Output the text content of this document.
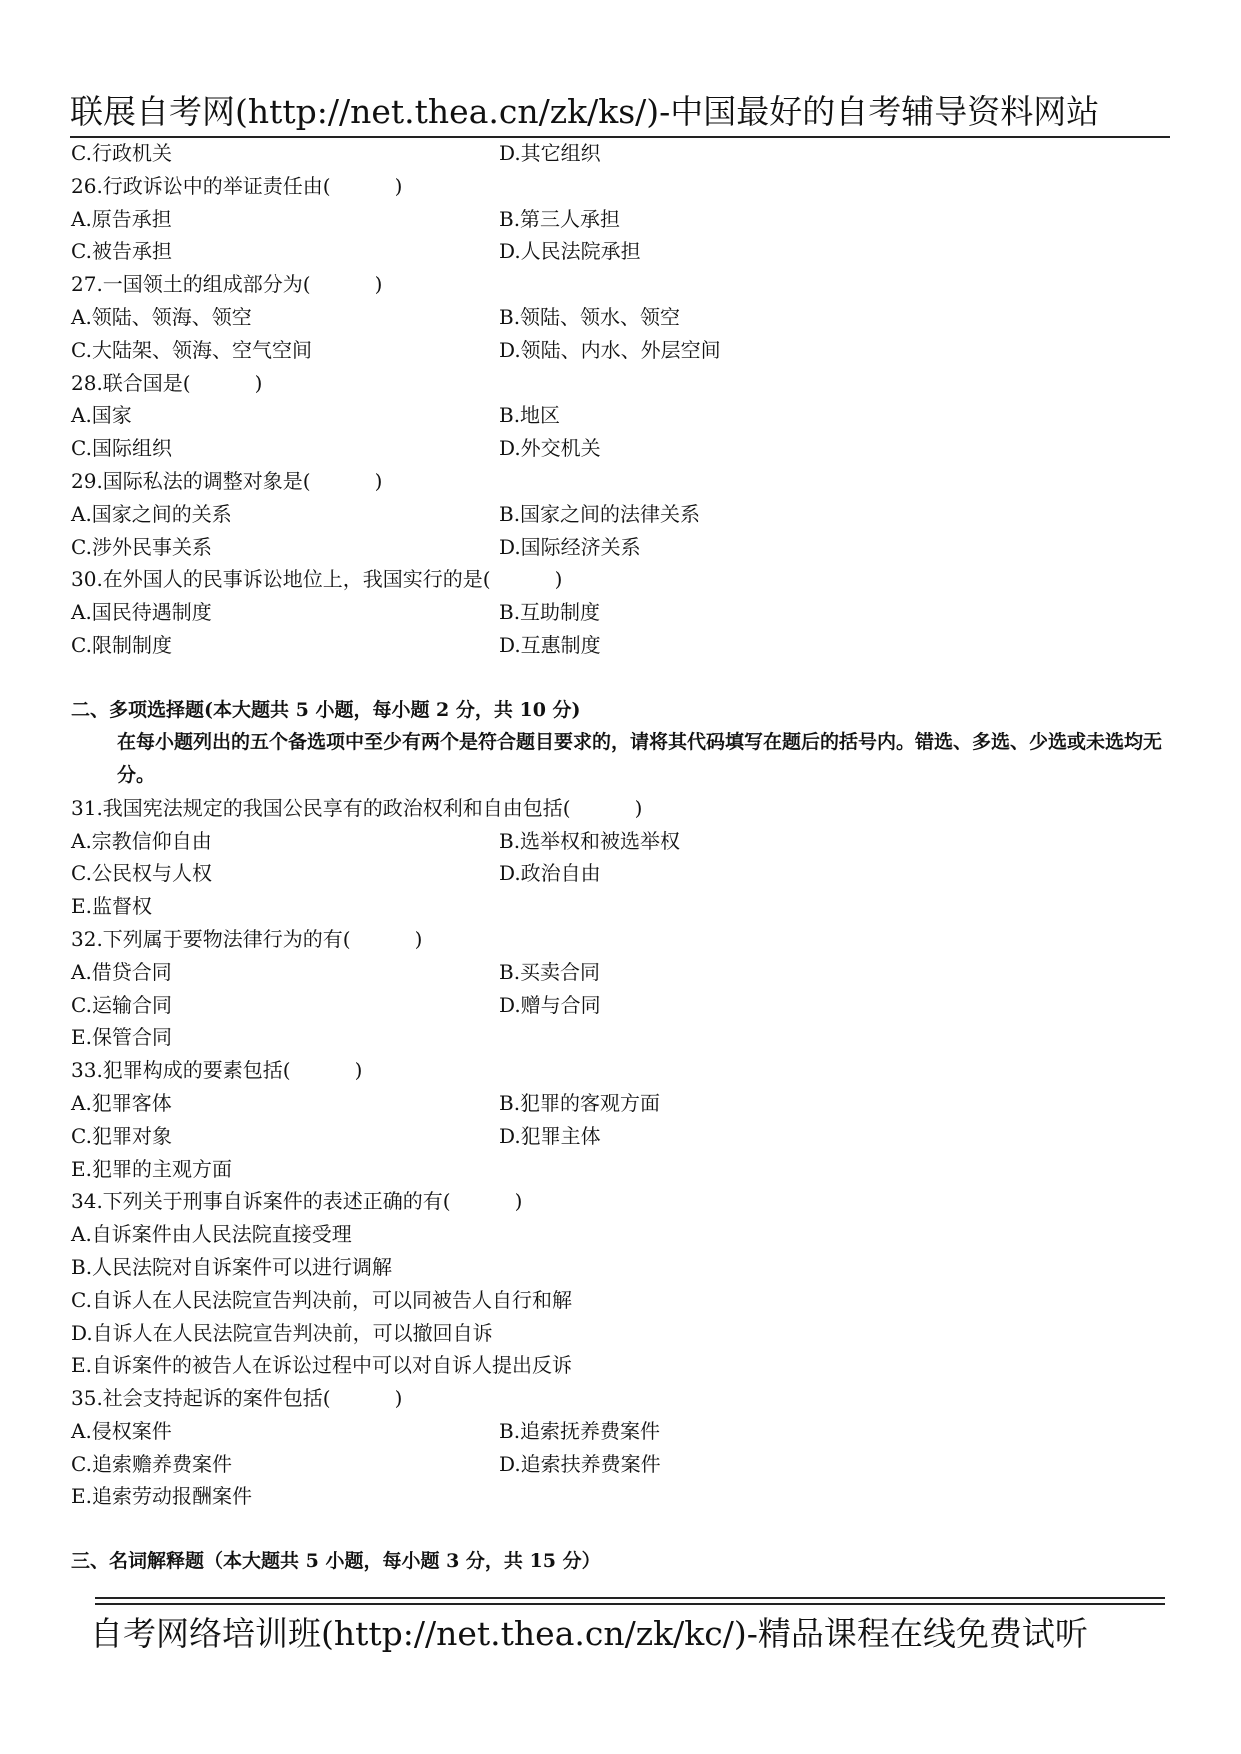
联展自考网(http://net.thea.cn/zk/ks/)-中国最好的自考辅导资料网站
C.行政机关	D.其它组织
26.行政诉讼中的举证责任由(	)
A.原告承担	B.第三人承担
C.被告承担	D.人民法院承担
27.一国领土的组成部分为(	)
A.领陆、领海、领空	B.领陆、领水、领空
C.大陆架、领海、空气空间	D.领陆、内水、外层空间
28.联合国是(	)
A.国家	B.地区
C.国际组织	D.外交机关
29.国际私法的调整对象是(	)
A.国家之间的关系	B.国家之间的法律关系
C.涉外民事关系	D.国际经济关系
30.在外国人的民事诉讼地位上，我国实行的是(	)
A.国民待遇制度	B.互助制度
C.限制制度	D.互惠制度
二、多项选择题(本大题共 5 小题，每小题 2 分，共 10 分)
在每小题列出的五个备选项中至少有两个是符合题目要求的，请将其代码填写在题后的括号内。错选、多选、少选或未选均无分。
31.我国宪法规定的我国公民享有的政治权利和自由包括(	)
A.宗教信仰自由	B.选举权和被选举权
C.公民权与人权	D.政治自由
E.监督权
32.下列属于要物法律行为的有(	)
A.借贷合同	B.买卖合同
C.运输合同	D.赠与合同
E.保管合同
33.犯罪构成的要素包括(	)
A.犯罪客体	B.犯罪的客观方面
C.犯罪对象	D.犯罪主体
E.犯罪的主观方面
34.下列关于刑事自诉案件的表述正确的有(	)
A.自诉案件由人民法院直接受理
B.人民法院对自诉案件可以进行调解
C.自诉人在人民法院宣告判决前，可以同被告人自行和解
D.自诉人在人民法院宣告判决前，可以撤回自诉
E.自诉案件的被告人在诉讼过程中可以对自诉人提出反诉
35.社会支持起诉的案件包括(	)
A.侵权案件	B.追索抚养费案件
C.追索赡养费案件	D.追索扶养费案件
E.追索劳动报酬案件
三、名词解释题（本大题共 5 小题，每小题 3 分，共 15 分）
自考网络培训班(http://net.thea.cn/zk/kc/)-精品课程在线免费试听
